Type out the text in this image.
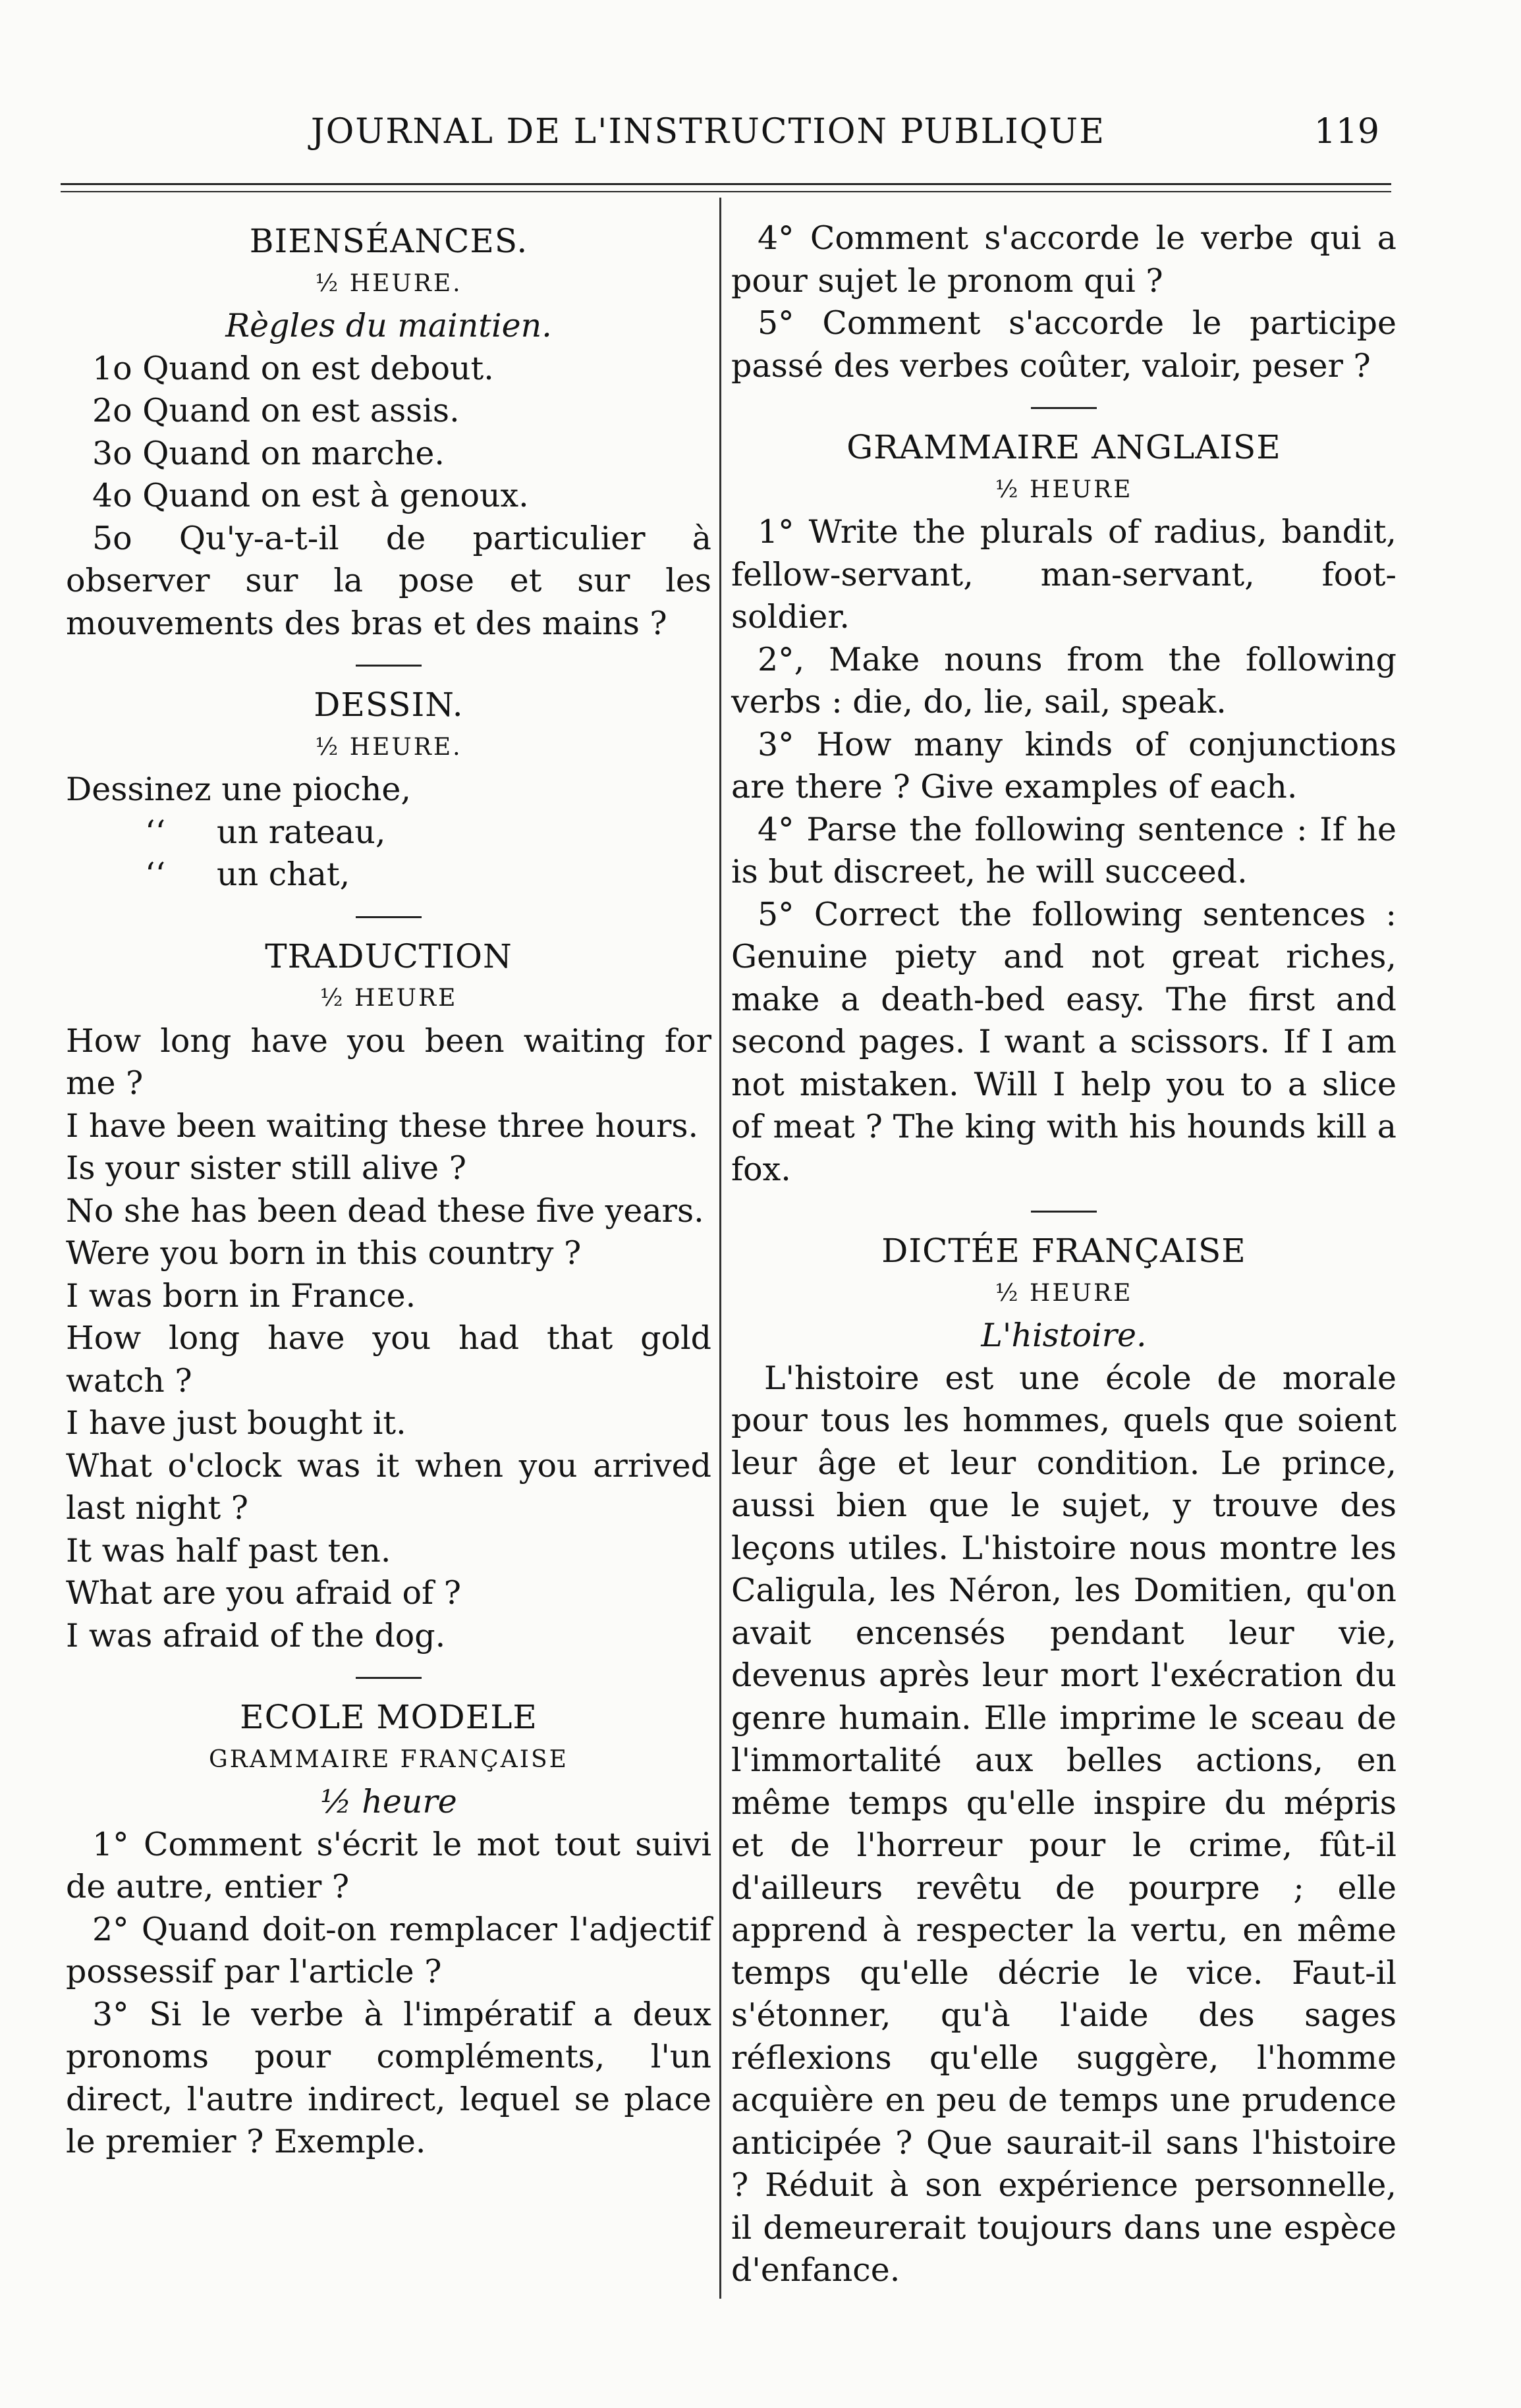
JOURNAL DE L'INSTRUCTION PUBLIQUE	119
BIENSÉANCES.
½ HEURE.
Règles du maintien.
1o Quand on est debout.
2o Quand on est assis.
3o Quand on marche.
4o Quand on est à genoux.
5o Qu'y-a-t-il de particulier à observer sur la pose et sur les mouvements des bras et des mains ?
DESSIN.
½ HEURE.
Dessinez une pioche,
‘‘     un rateau,
‘‘     un chat,
TRADUCTION
½ HEURE
How long have you been waiting for me ?
I have been waiting these three hours.
Is your sister still alive ?
No she has been dead these five years.
Were you born in this country ?
I was born in France.
How long have you had that gold watch ?
I have just bought it.
What o'clock was it when you arrived last night ?
It was half past ten.
What are you afraid of ?
I was afraid of the dog.
ECOLE MODELE
GRAMMAIRE FRANÇAISE
½ heure
1° Comment s'écrit le mot tout suivi de autre, entier ?
2° Quand doit-on remplacer l'adjectif possessif par l'article ?
3° Si le verbe à l'impératif a deux pronoms pour compléments, l'un direct, l'autre indirect, lequel se place le premier ? Exemple.
4° Comment s'accorde le verbe qui a pour sujet le pronom qui ?
5° Comment s'accorde le participe passé des verbes coûter, valoir, peser ?
GRAMMAIRE ANGLAISE
½ HEURE
1° Write the plurals of radius, bandit, fellow-servant, man-servant, foot-soldier.
2°, Make nouns from the following verbs : die, do, lie, sail, speak.
3° How many kinds of conjunctions are there ? Give examples of each.
4° Parse the following sentence : If he is but discreet, he will succeed.
5° Correct the following sentences : Genuine piety and not great riches, make a death-bed easy. The first and second pages. I want a scissors. If I am not mistaken. Will I help you to a slice of meat ? The king with his hounds kill a fox.
DICTÉE FRANÇAISE
½ HEURE
L'histoire.
L'histoire est une école de morale pour tous les hommes, quels que soient leur âge et leur condition. Le prince, aussi bien que le sujet, y trouve des leçons utiles. L'histoire nous montre les Caligula, les Néron, les Domitien, qu'on avait encensés pendant leur vie, devenus après leur mort l'exécration du genre humain. Elle imprime le sceau de l'immortalité aux belles actions, en même temps qu'elle inspire du mépris et de l'horreur pour le crime, fût-il d'ailleurs revêtu de pourpre ; elle apprend à respecter la vertu, en même temps qu'elle décrie le vice. Faut-il s'étonner, qu'à l'aide des sages réflexions qu'elle suggère, l'homme acquière en peu de temps une prudence anticipée ? Que saurait-il sans l'histoire ? Réduit à son expérience personnelle, il demeurerait toujours dans une espèce d'enfance.
